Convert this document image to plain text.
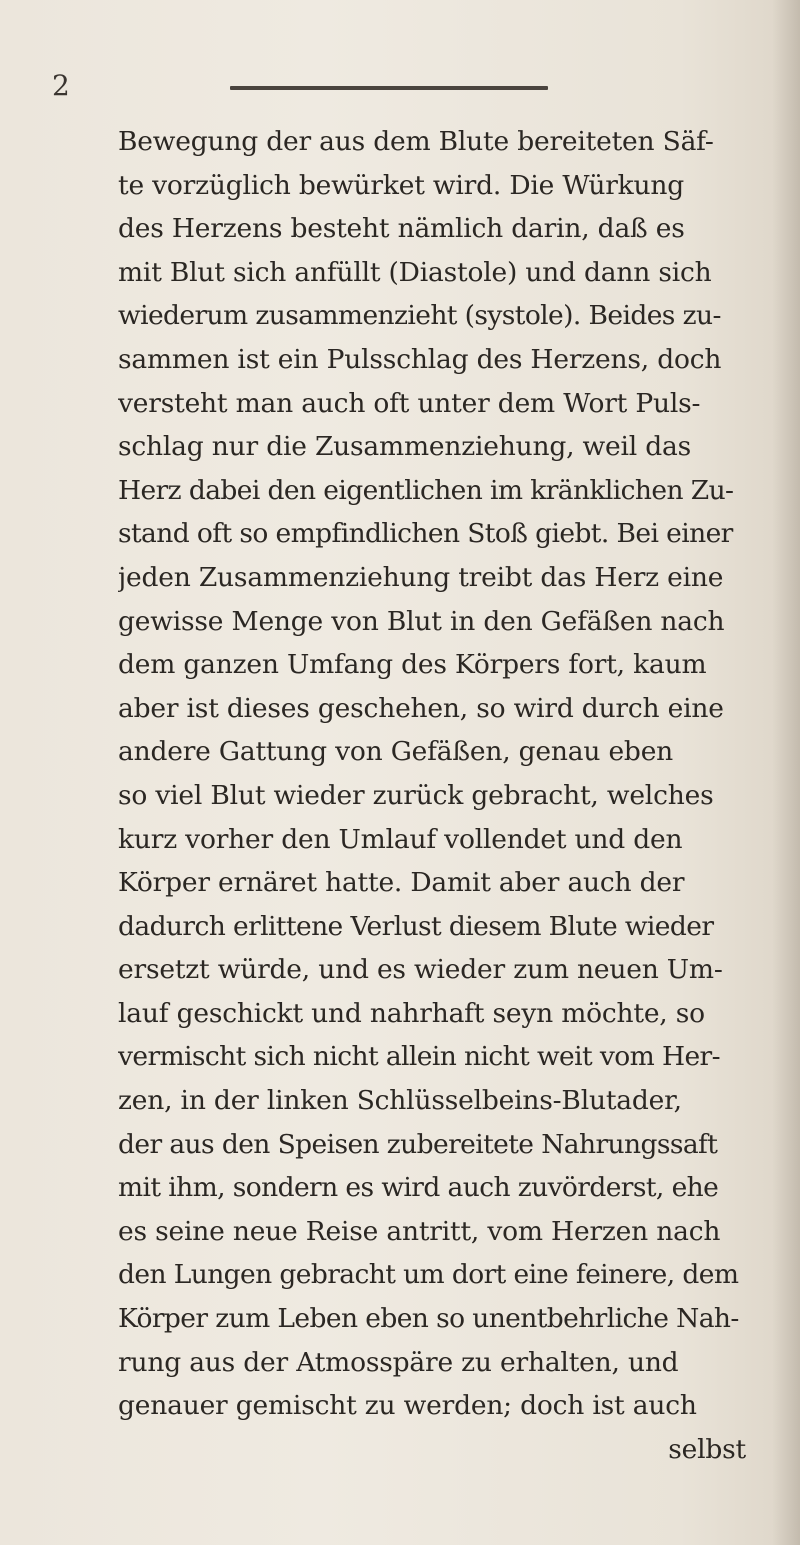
2
Bewegung der aus dem Blute bereiteten Säf-
te vorzüglich bewürket wird. Die Würkung
des Herzens besteht nämlich darin, daß es
mit Blut sich anfüllt (Diastole) und dann sich
wiederum zusammenzieht (systole). Beides zu-
sammen ist ein Pulsschlag des Herzens, doch
versteht man auch oft unter dem Wort Puls-
schlag nur die Zusammenziehung, weil das
Herz dabei den eigentlichen im kränklichen Zu-
stand oft so empfindlichen Stoß giebt. Bei einer
jeden Zusammenziehung treibt das Herz eine
gewisse Menge von Blut in den Gefäßen nach
dem ganzen Umfang des Körpers fort, kaum
aber ist dieses geschehen, so wird durch eine
andere Gattung von Gefäßen, genau eben
so viel Blut wieder zurück gebracht, welches
kurz vorher den Umlauf vollendet und den
Körper ernäret hatte. Damit aber auch der
dadurch erlittene Verlust diesem Blute wieder
ersetzt würde, und es wieder zum neuen Um-
lauf geschickt und nahrhaft seyn möchte, so
vermischt sich nicht allein nicht weit vom Her-
zen, in der linken Schlüsselbeins-Blutader,
der aus den Speisen zubereitete Nahrungssaft
mit ihm, sondern es wird auch zuvörderst, ehe
es seine neue Reise antritt, vom Herzen nach
den Lungen gebracht um dort eine feinere, dem
Körper zum Leben eben so unentbehrliche Nah-
rung aus der Atmosspäre zu erhalten, und
genauer gemischt zu werden; doch ist auch
selbst
